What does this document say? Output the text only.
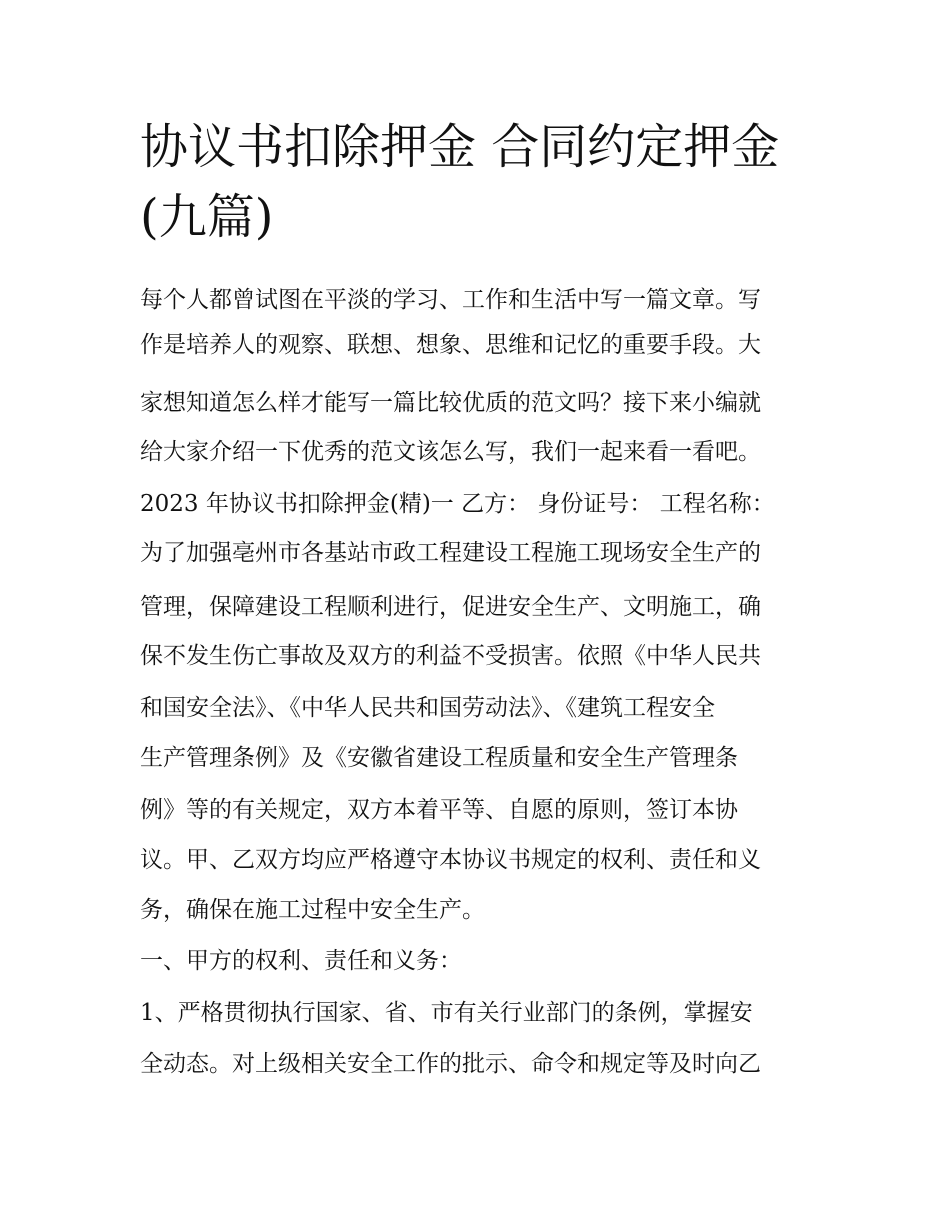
协议书扣除押金 合同约定押金
(九篇)
每个人都曾试图在平淡的学习、工作和生活中写一篇文章。写
作是培养人的观察、联想、想象、思维和记忆的重要手段。大
家想知道怎么样才能写一篇比较优质的范文吗？接下来小编就
给大家介绍一下优秀的范文该怎么写，我们一起来看一看吧。
2023 年协议书扣除押金(精)一 乙方： 身份证号： 工程名称：
为了加强亳州市各基站市政工程建设工程施工现场安全生产的
管理，保障建设工程顺利进行，促进安全生产、文明施工，确
保不发生伤亡事故及双方的利益不受损害。依照《中华人民共
和国安全法》、《中华人民共和国劳动法》、《建筑工程安全
生产管理条例》及《安徽省建设工程质量和安全生产管理条
例》等的有关规定，双方本着平等、自愿的原则，签订本协
议。甲、乙双方均应严格遵守本协议书规定的权利、责任和义
务，确保在施工过程中安全生产。
一、甲方的权利、责任和义务：
1、严格贯彻执行国家、省、市有关行业部门的条例，掌握安
全动态。对上级相关安全工作的批示、命令和规定等及时向乙
